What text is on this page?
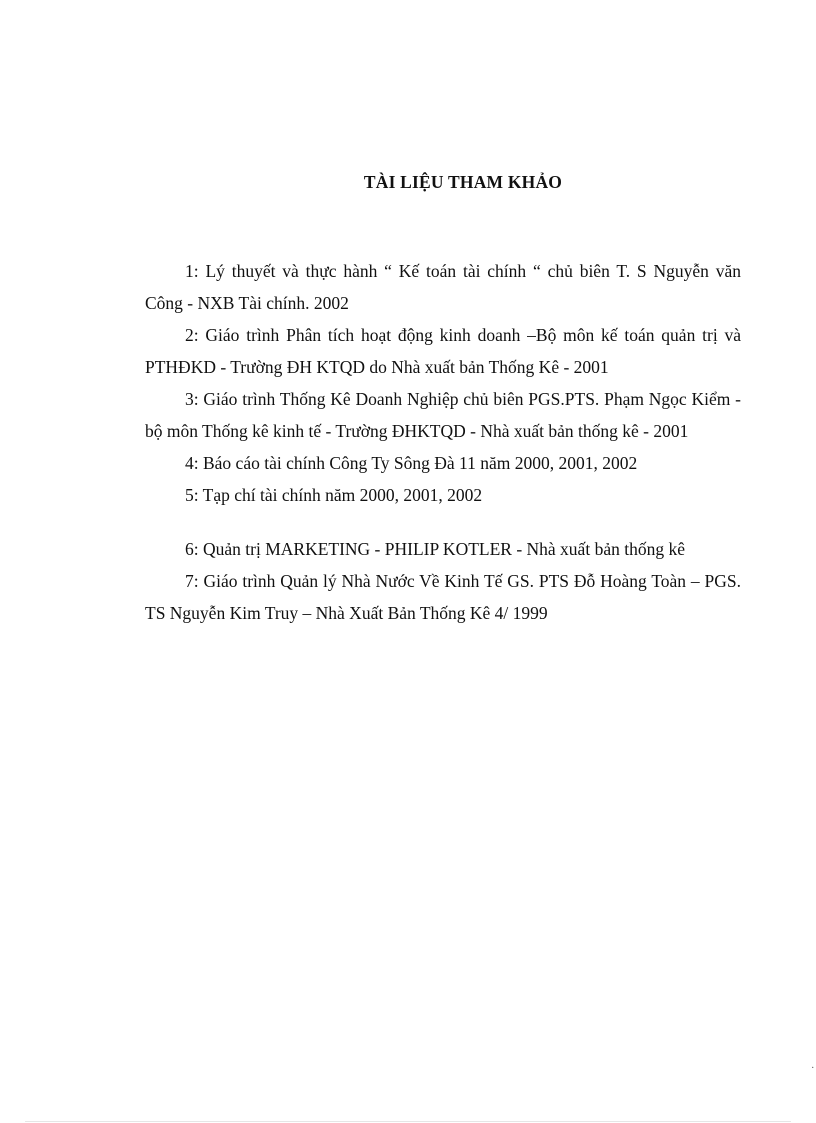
TÀI LIỆU THAM KHẢO

1: Lý thuyết và thực hành “ Kế toán tài chính “ chủ biên T. S Nguyễn văn Công - NXB Tài chính. 2002

2: Giáo trình Phân tích hoạt động kinh doanh –Bộ môn kế toán quản trị và PTHĐKD - Trường ĐH KTQD do Nhà xuất bản Thống Kê - 2001

3: Giáo trình Thống Kê Doanh Nghiệp chủ biên PGS.PTS. Phạm Ngọc Kiểm - bộ môn Thống kê kinh tế - Trường ĐHKTQD - Nhà xuất bản thống kê - 2001

4: Báo cáo tài chính Công Ty Sông Đà 11 năm 2000, 2001, 2002

5: Tạp chí tài chính năm 2000, 2001, 2002

6: Quản trị MARKETING - PHILIP KOTLER - Nhà xuất bản thống kê

7: Giáo trình Quản lý Nhà Nước Về Kinh Tế GS. PTS Đỗ Hoàng Toàn – PGS. TS Nguyễn Kim Truy – Nhà Xuất Bản Thống Kê 4/ 1999

.
